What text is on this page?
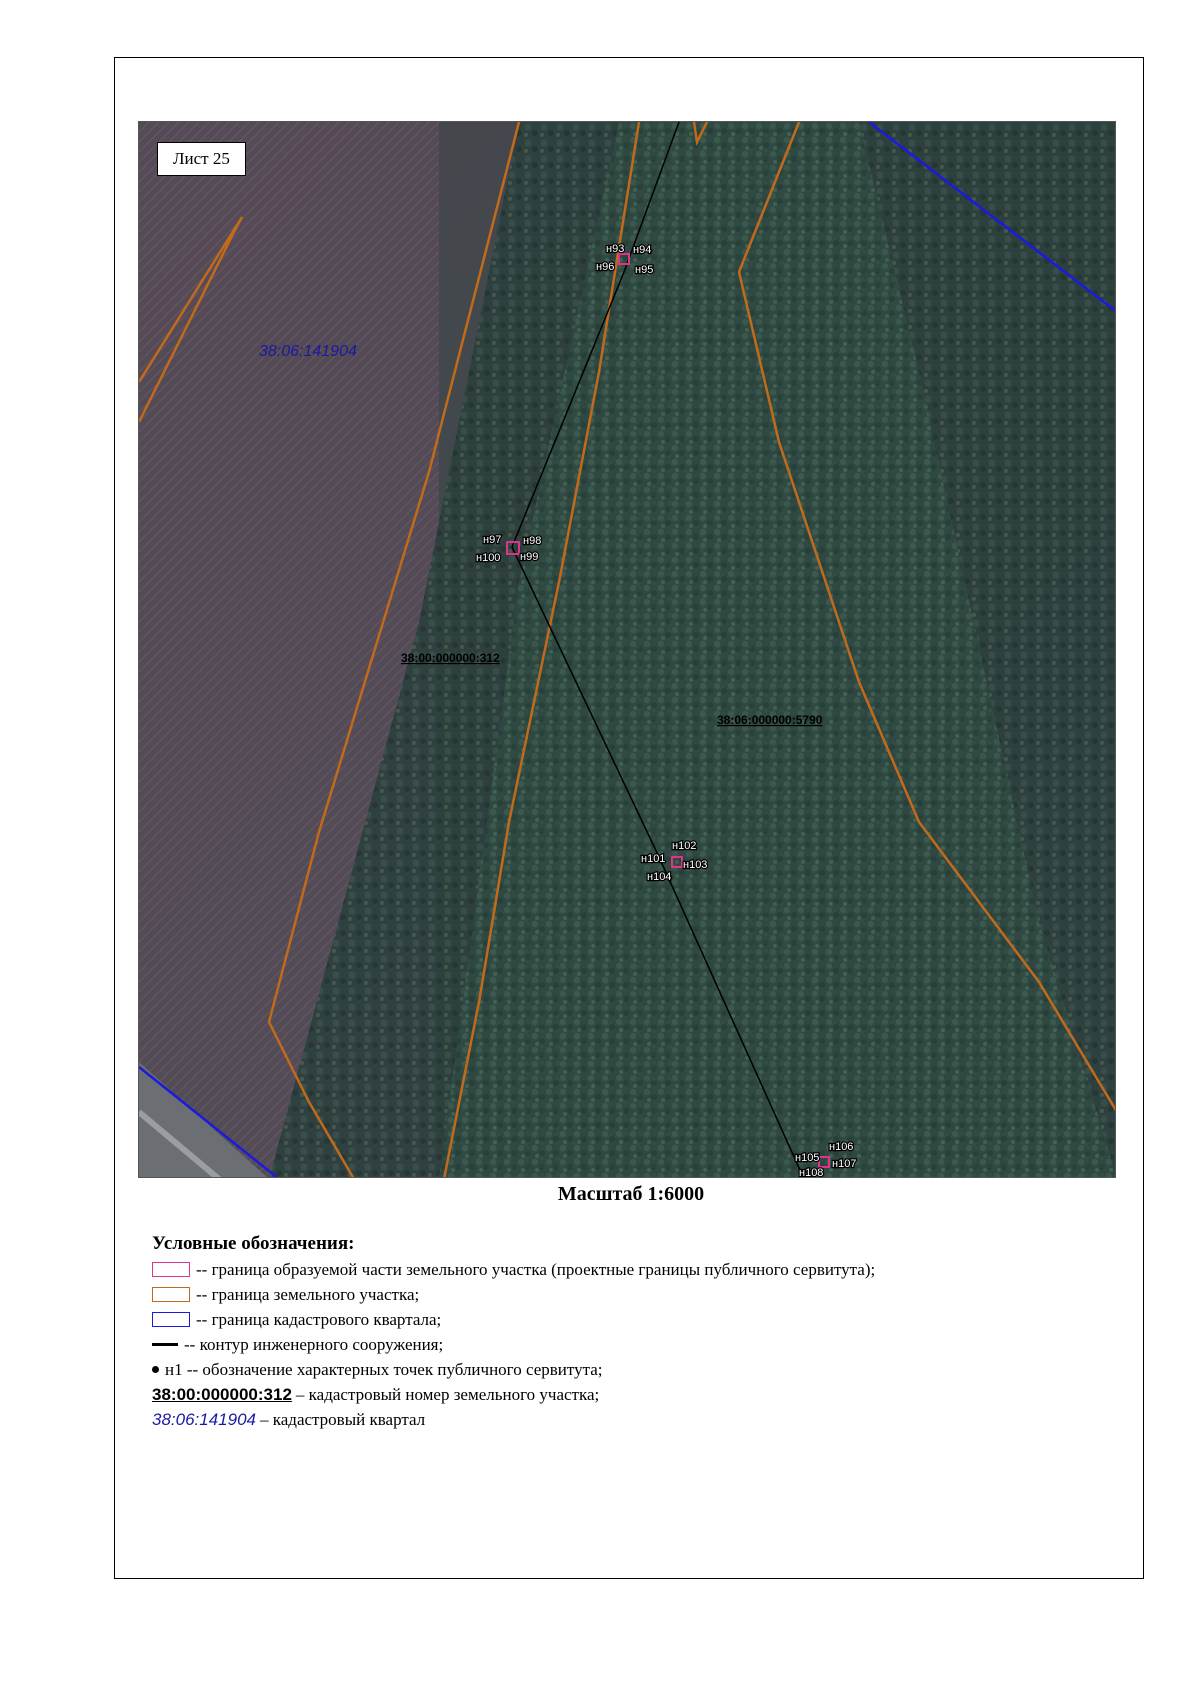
н93 н94
н95
н96
н97 н98
н99
н100
н101
н102
н103
н104
н105
н106
н107
н108
38:06:141904
38:00:000000:312
38:06:000000:5790
Лист 25
Масштаб 1:6000
Условные обозначения:
-- граница образуемой части земельного участка (проектные границы публичного сервитута);
-- граница земельного участка;
-- граница кадастрового квартала;
-- контур инженерного сооружения;
н1 -- обозначение характерных точек публичного сервитута;
38:00:000000:312 – кадастровый номер земельного участка;
38:06:141904 – кадастровый квартал
